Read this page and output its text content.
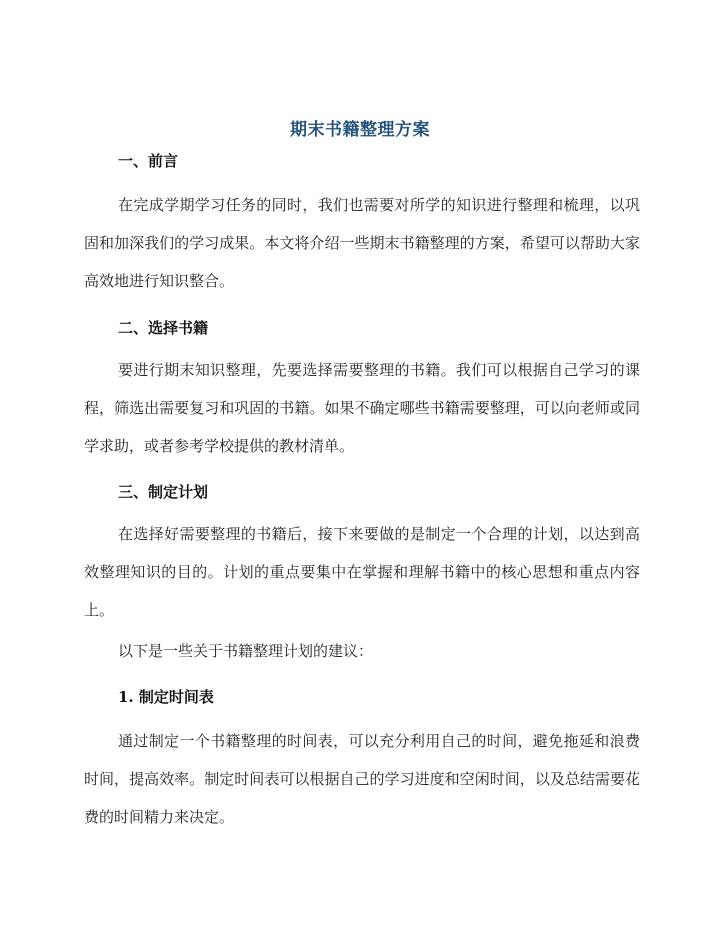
期末书籍整理方案
一、前言
在完成学期学习任务的同时，我们也需要对所学的知识进行整理和梳理，以巩固和加深我们的学习成果。本文将介绍一些期末书籍整理的方案，希望可以帮助大家高效地进行知识整合。
二、选择书籍
要进行期末知识整理，先要选择需要整理的书籍。我们可以根据自己学习的课程，筛选出需要复习和巩固的书籍。如果不确定哪些书籍需要整理，可以向老师或同学求助，或者参考学校提供的教材清单。
三、制定计划
在选择好需要整理的书籍后，接下来要做的是制定一个合理的计划，以达到高效整理知识的目的。计划的重点要集中在掌握和理解书籍中的核心思想和重点内容上。
以下是一些关于书籍整理计划的建议：
1. 制定时间表
通过制定一个书籍整理的时间表，可以充分利用自己的时间，避免拖延和浪费时间，提高效率。制定时间表可以根据自己的学习进度和空闲时间，以及总结需要花费的时间精力来决定。
